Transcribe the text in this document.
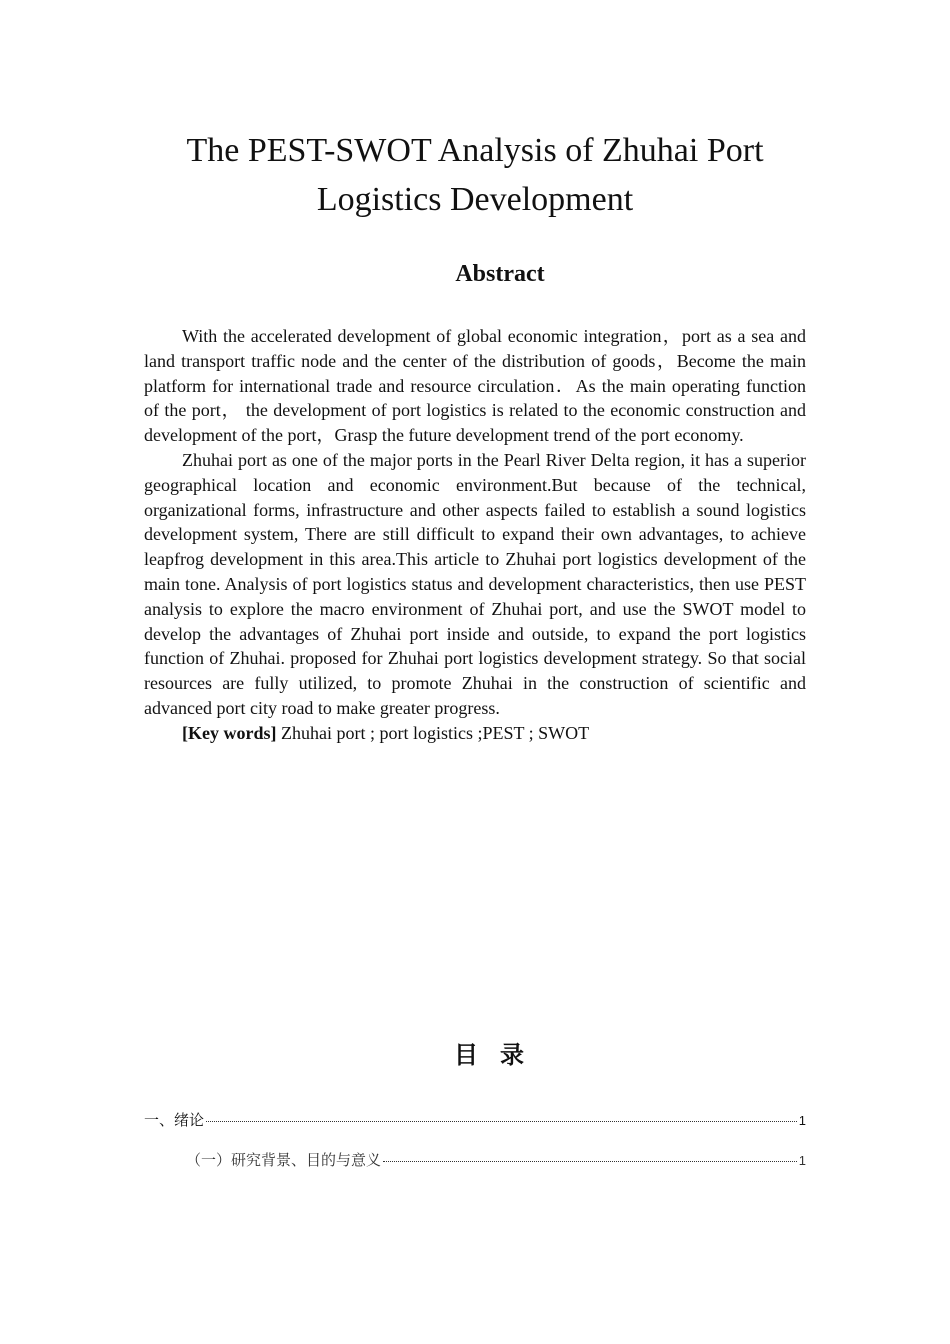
The PEST-SWOT Analysis of Zhuhai Port Logistics Development
Abstract

With the accelerated development of global economic integration，port as a sea and land transport traffic node and the center of the distribution of goods，Become the main platform for international trade and resource circulation．As the main operating function of the port， the development of port logistics is related to the economic construction and development of the port，Grasp the future development trend of the port economy.

Zhuhai port as one of the major ports in the Pearl River Delta region, it has a superior geographical location and economic environment.But because of the technical, organizational forms, infrastructure and other aspects failed to establish a sound logistics development system, There are still difficult to expand their own advantages, to achieve leapfrog development in this area.This article to Zhuhai port logistics development of the main tone. Analysis of port logistics status and development characteristics, then use PEST analysis to explore the macro environment of Zhuhai port, and use the SWOT model to develop the advantages of Zhuhai port inside and outside, to expand the port logistics function of Zhuhai. proposed for Zhuhai port logistics development strategy. So that social resources are fully utilized, to promote Zhuhai in the construction of scientific and advanced port city road to make greater progress.

[Key words] Zhuhai port ; port logistics ;PEST ; SWOT

目录
一、绪论	1
（一）研究背景、目的与意义	1
